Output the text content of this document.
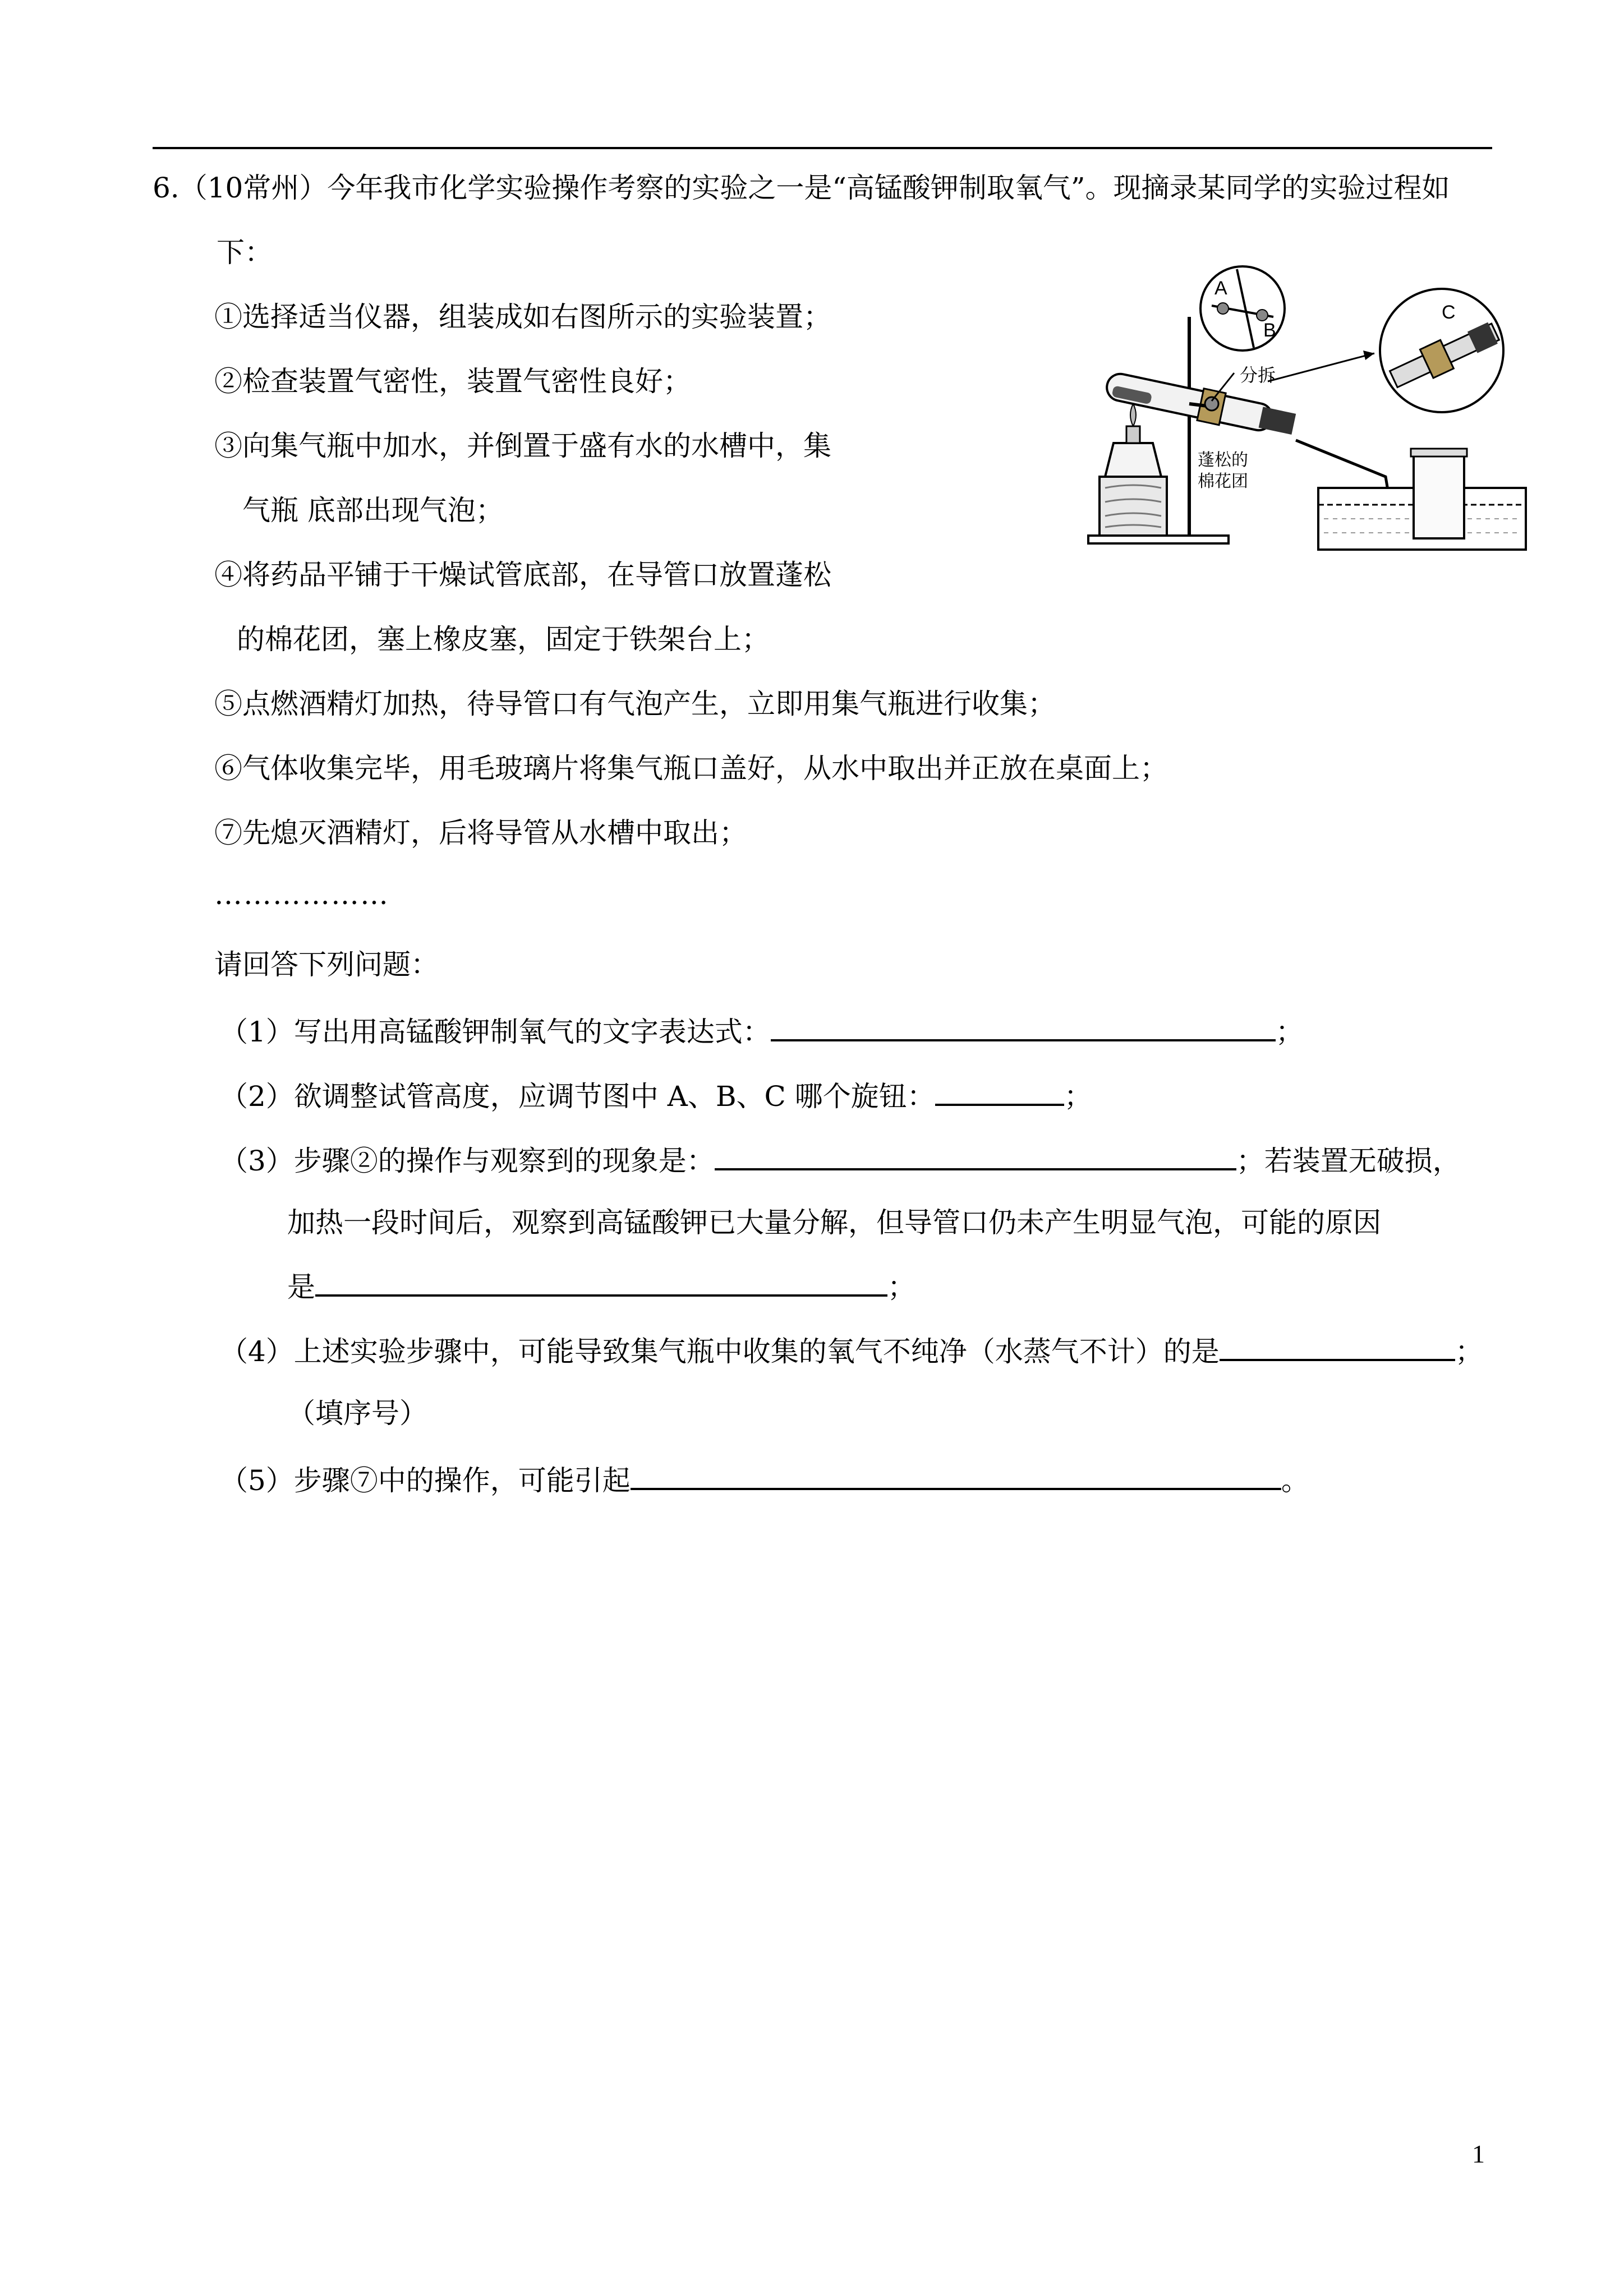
6.（10常州）今年我市化学实验操作考察的实验之一是“高锰酸钾制取氧气”。现摘录某同学的实验过程如
下：
①选择适当仪器，组装成如右图所示的实验装置；
②检查装置气密性，装置气密性良好；
③向集气瓶中加水，并倒置于盛有水的水槽中，集
气瓶 底部出现气泡；
④将药品平铺于干燥试管底部，在导管口放置蓬松
的棉花团，塞上橡皮塞，固定于铁架台上；
⑤点燃酒精灯加热，待导管口有气泡产生，立即用集气瓶进行收集；
⑥气体收集完毕，用毛玻璃片将集气瓶口盖好，从水中取出并正放在桌面上；
⑦先熄灭酒精灯，后将导管从水槽中取出；
………………
请回答下列问题：
（1）写出用高锰酸钾制氧气的文字表达式：	；
（2）欲调整试管高度，应调节图中 A、B、C 哪个旋钮：	；
（3）步骤②的操作与观察到的现象是：	；若装置无破损，
加热一段时间后，观察到高锰酸钾已大量分解，但导管口仍未产生明显气泡，可能的原因
是	；
（4）上述实验步骤中，可能导致集气瓶中收集的氧气不纯净（水蒸气不计）的是	；
（填序号）
（5）步骤⑦中的操作，可能引起	。
A
B
C
分拆
蓬松的
棉花团
1
